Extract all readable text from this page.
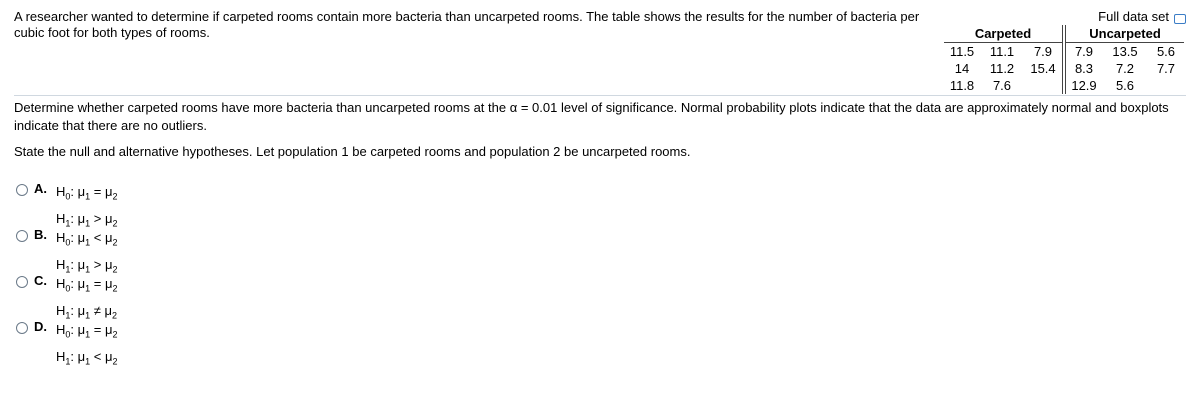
A researcher wanted to determine if carpeted rooms contain more bacteria than uncarpeted rooms. The table shows the results for the number of bacteria per cubic foot for both types of rooms.
Full data set
Carpeted				Uncarpeted		
11.5	11.1	7.9		7.9	13.5	5.6
14	11.2	15.4		8.3	7.2	7.7
11.8	7.6			12.9	5.6	
Determine whether carpeted rooms have more bacteria than uncarpeted rooms at the α = 0.01 level of significance. Normal probability plots indicate that the data are approximately normal and boxplots indicate that there are no outliers.
State the null and alternative hypotheses. Let population 1 be carpeted rooms and population 2 be uncarpeted rooms.
A. $H_0$: $\mu_1 = \mu_2$
$H_1$: $\mu_1 > \mu_2$
B. $H_0$: $\mu_1 < \mu_2$
$H_1$: $\mu_1 > \mu_2$
C. $H_0$: $\mu_1 = \mu_2$
$H_1$: $\mu_1 \ne \mu_2$
D. $H_0$: $\mu_1 = \mu_2$
$H_1$: $\mu_1 < \mu_2$
